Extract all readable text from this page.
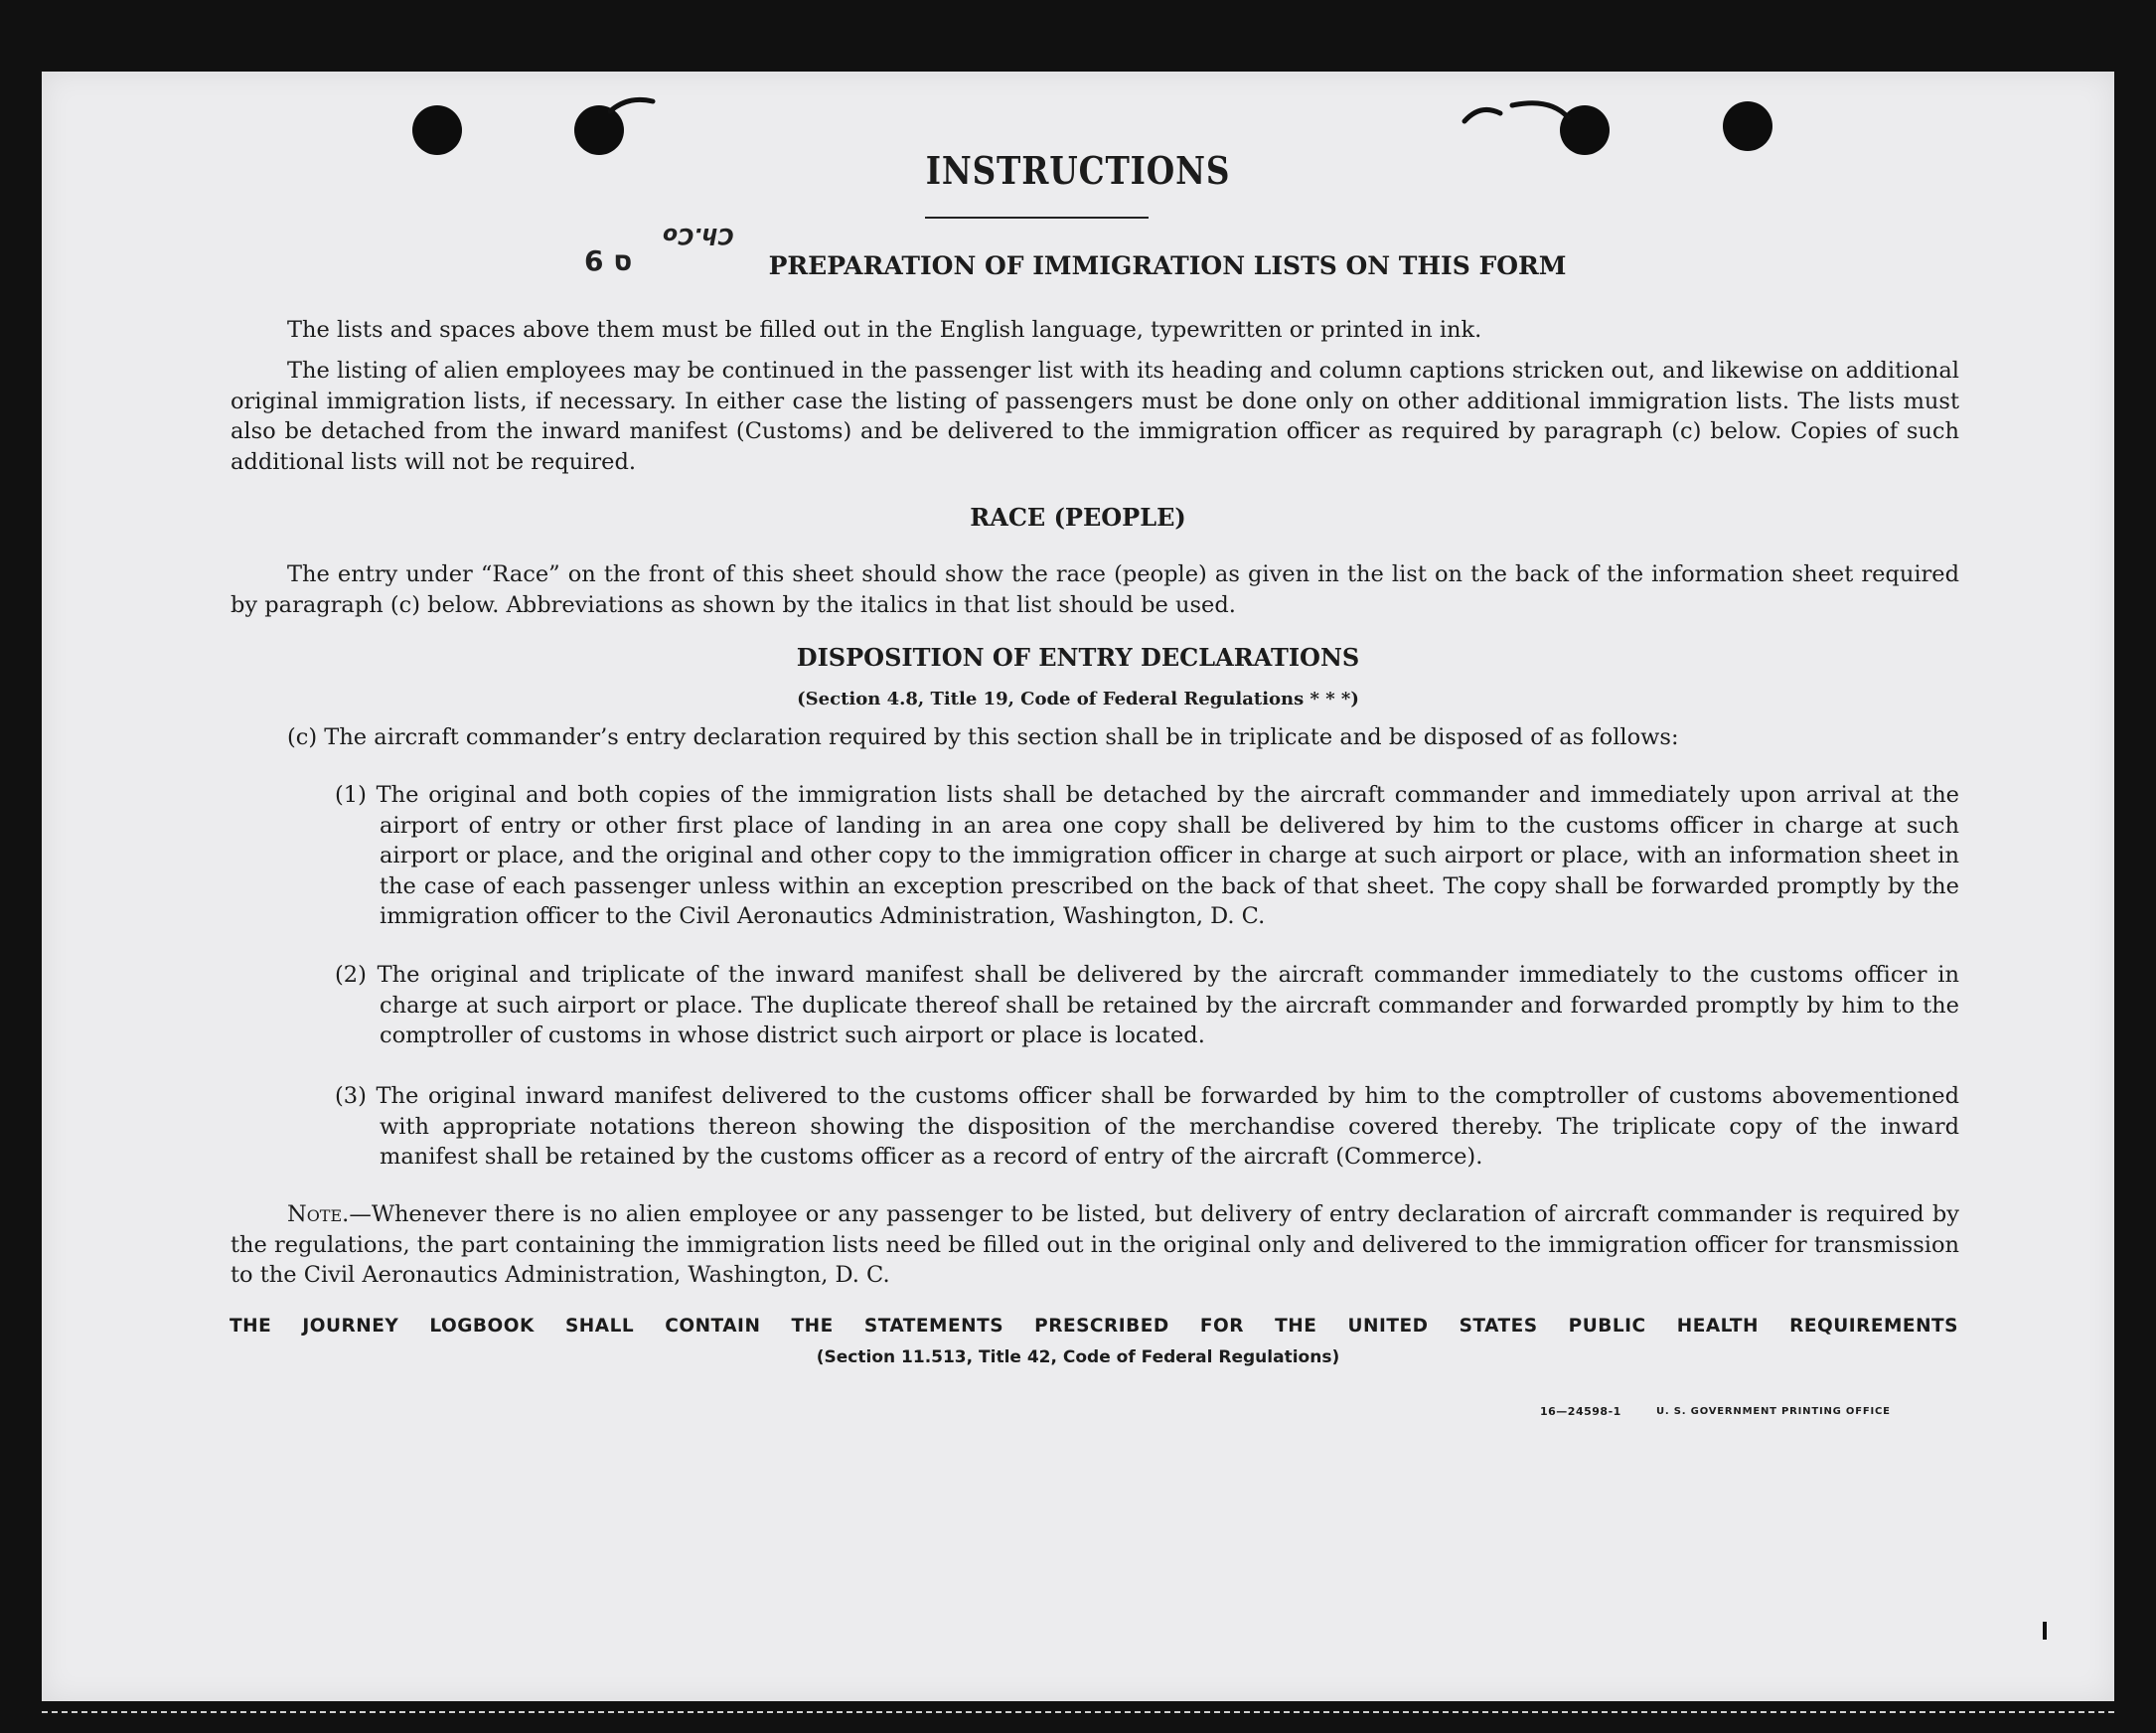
INSTRUCTIONS
6 ס
Ch.Co
PREPARATION OF IMMIGRATION LISTS ON THIS FORM
The lists and spaces above them must be filled out in the English language, typewritten or printed in ink.
The listing of alien employees may be continued in the passenger list with its heading and column captions stricken out, and likewise on additional original immigration lists, if necessary. In either case the listing of passengers must be done only on other additional immigration lists. The lists must also be detached from the inward manifest (Customs) and be delivered to the immigration officer as required by paragraph (c) below. Copies of such additional lists will not be required.
RACE (PEOPLE)
The entry under “Race” on the front of this sheet should show the race (people) as given in the list on the back of the information sheet required by paragraph (c) below. Abbreviations as shown by the italics in that list should be used.
DISPOSITION OF ENTRY DECLARATIONS
(Section 4.8, Title 19, Code of Federal Regulations * * *)
(c) The aircraft commander’s entry declaration required by this section shall be in triplicate and be disposed of as follows:
(1) The original and both copies of the immigration lists shall be detached by the aircraft commander and immediately upon arrival at the airport of entry or other first place of landing in an area one copy shall be delivered by him to the customs officer in charge at such airport or place, and the original and other copy to the immigration officer in charge at such airport or place, with an information sheet in the case of each passenger unless within an exception prescribed on the back of that sheet. The copy shall be forwarded promptly by the immigration officer to the Civil Aeronautics Administration, Washington, D. C.
(2) The original and triplicate of the inward manifest shall be delivered by the aircraft commander immediately to the customs officer in charge at such airport or place. The duplicate thereof shall be retained by the aircraft commander and forwarded promptly by him to the comptroller of customs in whose district such airport or place is located.
(3) The original inward manifest delivered to the customs officer shall be forwarded by him to the comptroller of customs abovementioned with appropriate notations thereon showing the disposition of the merchandise covered thereby. The triplicate copy of the inward manifest shall be retained by the customs officer as a record of entry of the aircraft (Commerce).
Note.—Whenever there is no alien employee or any passenger to be listed, but delivery of entry declaration of aircraft commander is required by the regulations, the part containing the immigration lists need be filled out in the original only and delivered to the immigration officer for transmission to the Civil Aeronautics Administration, Washington, D. C.
THE JOURNEY LOGBOOK SHALL CONTAIN THE STATEMENTS PRESCRIBED FOR THE UNITED STATES PUBLIC HEALTH REQUIREMENTS
(Section 11.513, Title 42, Code of Federal Regulations)
16—24598-1	U. S. GOVERNMENT PRINTING OFFICE
